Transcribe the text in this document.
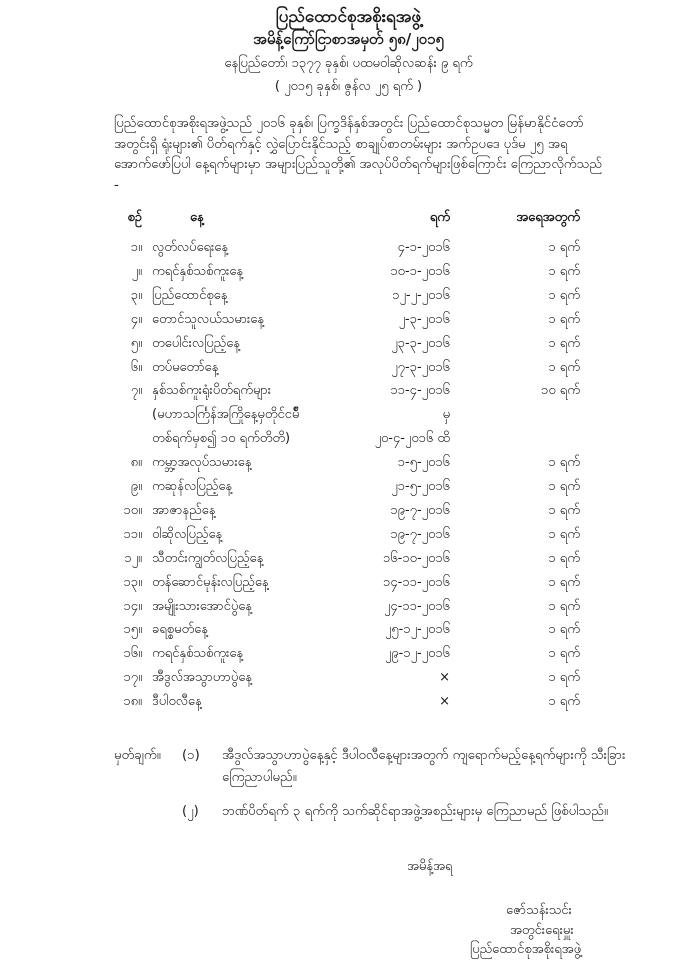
ပြည်ထောင်စုအစိုးရအဖွဲ့
အမိန့်ကြော်ငြာစာအမှတ် ၅၈/၂၀၁၅
နေပြည်တော်၊ ၁၃၇၇ ခုနှစ်၊ ပထမဝါဆိုလဆန်း ၉ ရက်
( ၂၀၁၅ ခုနှစ်၊ ဇွန်လ ၂၅ ရက် )
ပြည်ထောင်စုအစိုးရအဖွဲ့သည် ၂၀၁၆ ခုနှစ်၊ ပြက္ခဒိန်နှစ်အတွင်း ပြည်ထောင်စုသမ္မတ မြန်မာနိုင်ငံတော်အတွင်းရှိ ရုံးများ၏ ပိတ်ရက်နှင့် လွှဲပြောင်းနိုင်သည့် စာချုပ်စာတမ်းများ အက်ဥပဒေ ပုဒ်မ ၂၅ အရ အောက်ဖော်ပြပါ နေ့ရက်များမှာ အများပြည်သူတို့၏ အလုပ်ပိတ်ရက်များဖြစ်ကြောင်း ကြေညာလိုက်သည် -
စဉ်	နေ့	ရက်	အရေအတွက်
၁။ လွတ်လပ်ရေးနေ့	၄-၁-၂၀၁၆	၁ ရက်
၂။ ကရင်နှစ်သစ်ကူးနေ့	၁၀-၁-၂၀၁၆	၁ ရက်
၃။ ပြည်ထောင်စုနေ့	၁၂-၂-၂၀၁၆	၁ ရက်
၄။ တောင်သူလယ်သမားနေ့	၂-၃-၂၀၁၆	၁ ရက်
၅။ တပေါင်းလပြည့်နေ့	၂၃-၃-၂၀၁၆	၁ ရက်
၆။ တပ်မတော်နေ့	၂၇-၃-၂၀၁၆	၁ ရက်
၇။ နှစ်သစ်ကူးရုံးပိတ်ရက်များ	၁၁-၄-၂၀၁၆	၁၀ ရက်
(မဟာသင်္ကြန်အကြိုနေ့မှတိုင်ငမ်ိဳ	မှ
တစ်ရက်မှစ၍ ၁၀ ရက်တိတိ)	၂၀-၄-၂၀၁၆ ထိ
၈။ ကမ္ဘာ့အလုပ်သမားနေ့	၁-၅-၂၀၁၆	၁ ရက်
၉။ ကဆုန်လပြည့်နေ့	၂၁-၅-၂၀၁၆	၁ ရက်
၁၀။ အာဇာနည်နေ့	၁၉-၇-၂၀၁၆	၁ ရက်
၁၁။ ဝါဆိုလပြည့်နေ့	၁၉-၇-၂၀၁၆	၁ ရက်
၁၂။ သီတင်းကျွတ်လပြည့်နေ့	၁၆-၁၀-၂၀၁၆	၁ ရက်
၁၃။ တန်ဆောင်မုန်းလပြည့်နေ့	၁၄-၁၁-၂၀၁၆	၁ ရက်
၁၄။ အမျိုးသားအောင်ပွဲနေ့	၂၄-၁၁-၂၀၁၆	၁ ရက်
၁၅။ ခရစ္စမတ်နေ့	၂၅-၁၂-၂၀၁၆	၁ ရက်
၁၆။ ကရင်နှစ်သစ်ကူးနေ့	၂၉-၁၂-၂၀၁၆	၁ ရက်
၁၇။ အီဒွလ်အသွာဟာပွဲနေ့	×	၁ ရက်
၁၈။ ဒီပါဝလီနေ့	×	၁ ရက်
မှတ်ချက်။ (၁) အီဒွလ်အသွာဟာပွဲနေ့နှင့် ဒီပါဝလီနေ့များအတွက် ကျရောက်မည့်နေ့ရက်များကို သီးခြား
ကြေညာပါမည်။
(၂) ဘဏ်ပိတ်ရက် ၃ ရက်ကို သက်ဆိုင်ရာအဖွဲ့အစည်းများမှ ကြေညာမည် ဖြစ်ပါသည်။
အမိန့်အရ
ဇော်သန်းသင်း
အတွင်းရေးမှူး
ပြည်ထောင်စုအစိုးရအဖွဲ့
